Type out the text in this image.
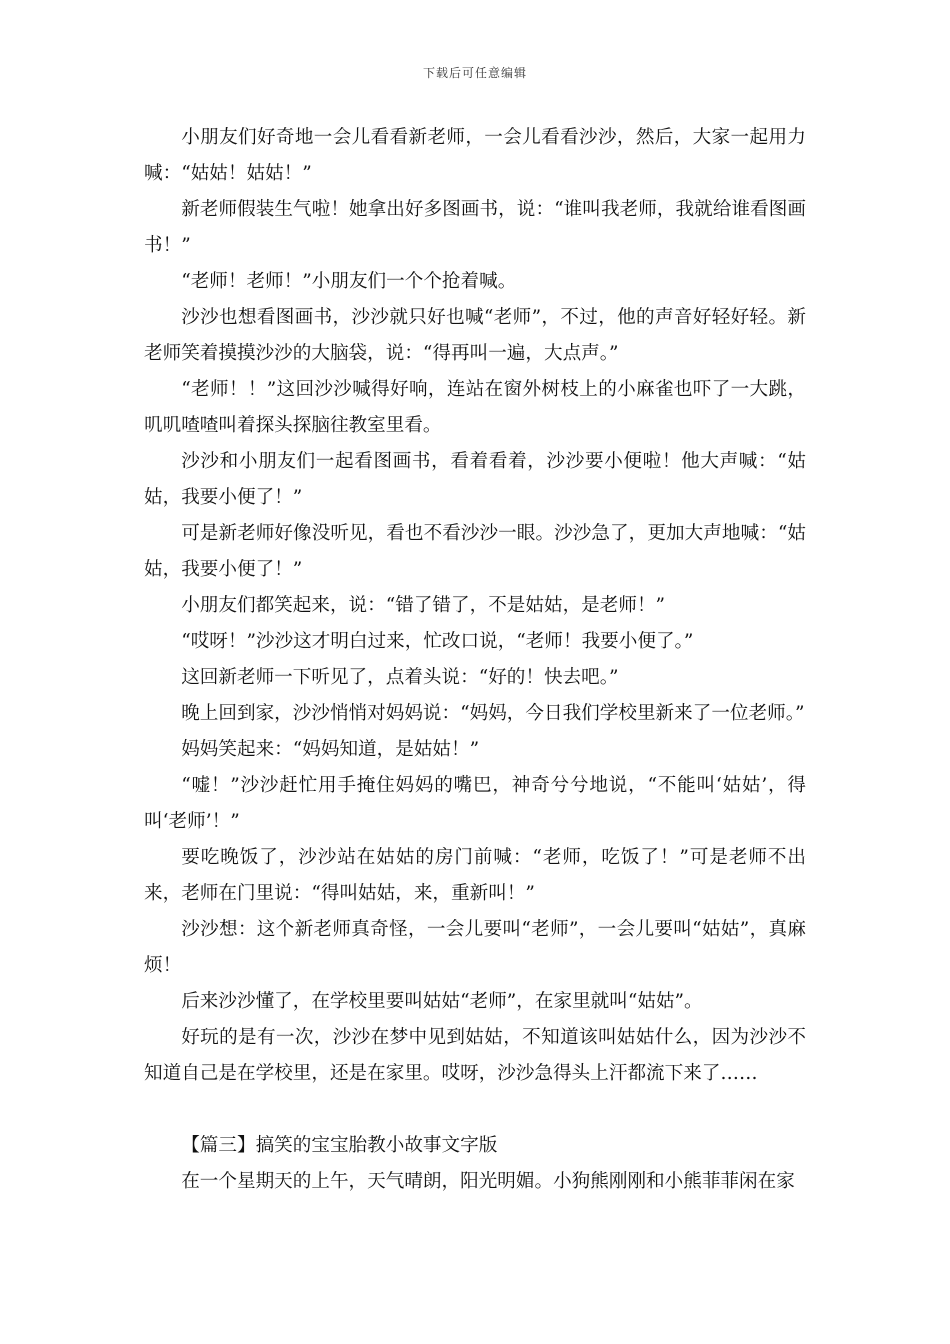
下载后可任意编辑

小朋友们好奇地一会儿看看新老师，一会儿看看沙沙，然后，大家一起用力喊：“姑姑！姑姑！”

新老师假装生气啦！她拿出好多图画书，说：“谁叫我老师，我就给谁看图画书！”

“老师！老师！”小朋友们一个个抢着喊。

沙沙也想看图画书，沙沙就只好也喊“老师”，不过，他的声音好轻好轻。新老师笑着摸摸沙沙的大脑袋，说：“得再叫一遍，大点声。”

“老师！！”这回沙沙喊得好响，连站在窗外树枝上的小麻雀也吓了一大跳，叽叽喳喳叫着探头探脑往教室里看。

沙沙和小朋友们一起看图画书，看着看着，沙沙要小便啦！他大声喊：“姑姑，我要小便了！”

可是新老师好像没听见，看也不看沙沙一眼。沙沙急了，更加大声地喊：“姑姑，我要小便了！”

小朋友们都笑起来，说：“错了错了，不是姑姑，是老师！”

“哎呀！”沙沙这才明白过来，忙改口说，“老师！我要小便了。”

这回新老师一下听见了，点着头说：“好的！快去吧。”

晚上回到家，沙沙悄悄对妈妈说：“妈妈，今日我们学校里新来了一位老师。”

妈妈笑起来：“妈妈知道，是姑姑！”

“嘘！”沙沙赶忙用手掩住妈妈的嘴巴，神奇兮兮地说，“不能叫‘姑姑’，得叫‘老师’！”

要吃晚饭了，沙沙站在姑姑的房门前喊：“老师，吃饭了！”可是老师不出来，老师在门里说：“得叫姑姑，来，重新叫！”

沙沙想：这个新老师真奇怪，一会儿要叫“老师”，一会儿要叫“姑姑”，真麻烦！

后来沙沙懂了，在学校里要叫姑姑“老师”，在家里就叫“姑姑”。

好玩的是有一次，沙沙在梦中见到姑姑，不知道该叫姑姑什么，因为沙沙不知道自己是在学校里，还是在家里。哎呀，沙沙急得头上汗都流下来了……

【篇三】搞笑的宝宝胎教小故事文字版

在一个星期天的上午，天气晴朗，阳光明媚。小狗熊刚刚和小熊菲菲闲在家
